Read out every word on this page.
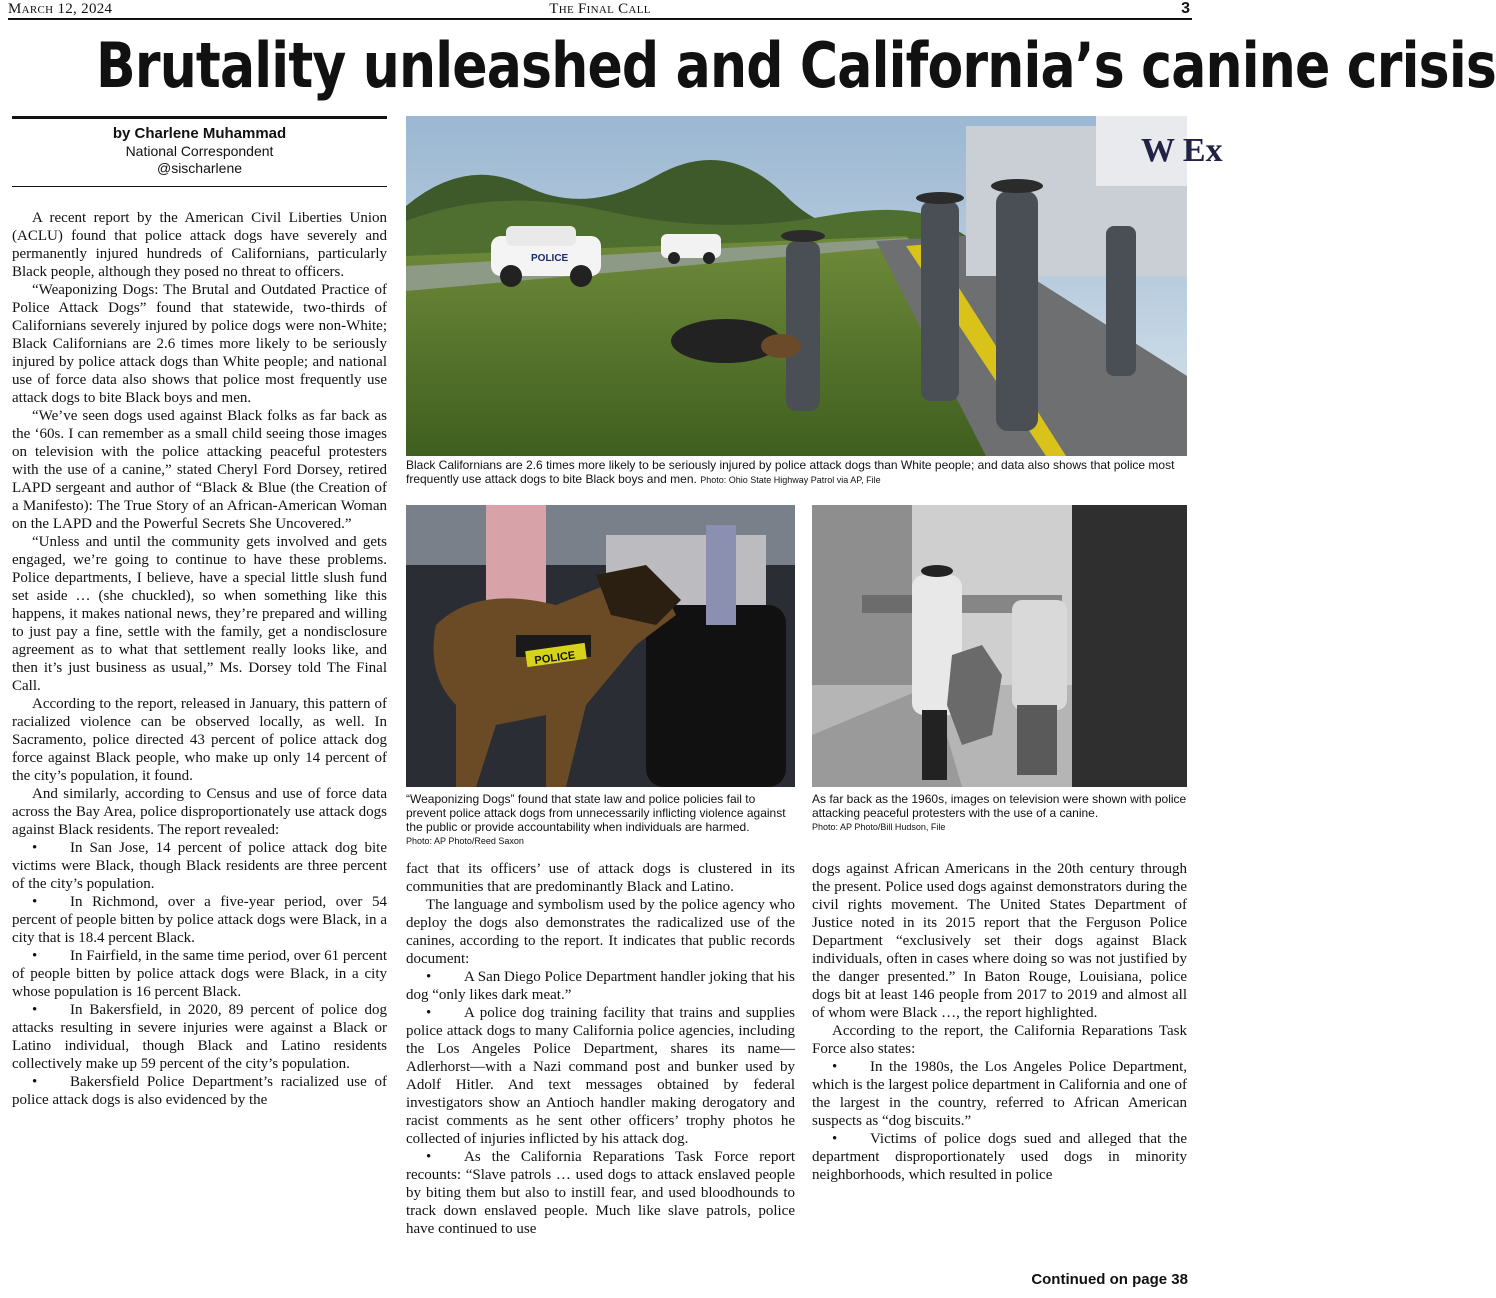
March 12, 2024	The Final Call	3
Brutality unleashed and California’s canine crisis
by Charlene Muhammad
National Correspondent
@sischarlene

A recent report by the American Civil Liberties Union (ACLU) found that police attack dogs have severely and permanently injured hundreds of Californians, particularly Black people, although they posed no threat to officers.

“Weaponizing Dogs: The Brutal and Outdated Practice of Police Attack Dogs” found that statewide, two-thirds of Californians severely injured by police dogs were non-White; Black Californians are 2.6 times more likely to be seriously injured by police attack dogs than White people; and national use of force data also shows that police most frequently use attack dogs to bite Black boys and men.

“We’ve seen dogs used against Black folks as far back as the ‘60s. I can remember as a small child seeing those images on television with the police attacking peaceful protesters with the use of a canine,” stated Cheryl Ford Dorsey, retired LAPD sergeant and author of “Black & Blue (the Creation of a Manifesto): The True Story of an African-American Woman on the LAPD and the Powerful Secrets She Uncovered.”

“Unless and until the community gets involved and gets engaged, we’re going to continue to have these problems. Police departments, I believe, have a special little slush fund set aside … (she chuckled), so when something like this happens, it makes national news, they’re prepared and willing to just pay a fine, settle with the family, get a nondisclosure agreement as to what that settlement really looks like, and then it’s just business as usual,” Ms. Dorsey told The Final Call.

According to the report, released in January, this pattern of racialized violence can be observed locally, as well. In Sacramento, police directed 43 percent of police attack dog force against Black people, who make up only 14 percent of the city’s population, it found.

And similarly, according to Census and use of force data across the Bay Area, police disproportionately use attack dogs against Black residents. The report revealed:

• In San Jose, 14 percent of police attack dog bite victims were Black, though Black residents are three percent of the city’s population.

• In Richmond, over a five-year period, over 54 percent of people bitten by police attack dogs were Black, in a city that is 18.4 percent Black.

• In Fairfield, in the same time period, over 61 percent of people bitten by police attack dogs were Black, in a city whose population is 16 percent Black.

• In Bakersfield, in 2020, 89 percent of police dog attacks resulting in severe injuries were against a Black or Latino individual, though Black and Latino residents collectively make up 59 percent of the city’s population.

• Bakersfield Police Department’s racialized use of police attack dogs is also evidenced by the

W Ex
POLICE
Black Californians are 2.6 times more likely to be seriously injured by police attack dogs than White people; and data also shows that police most frequently use attack dogs to bite Black boys and men. Photo: Ohio State Highway Patrol via AP, File
POLICE
“Weaponizing Dogs” found that state law and police policies fail to prevent police attack dogs from unnecessarily inflicting violence against the public or provide accountability when individuals are harmed.
Photo: AP Photo/Reed Saxon
As far back as the 1960s, images on television were shown with police attacking peaceful protesters with the use of a canine.
Photo: AP Photo/Bill Hudson, File

fact that its officers’ use of attack dogs is clustered in its communities that are predominantly Black and Latino.

The language and symbolism used by the police agency who deploy the dogs also demonstrates the radicalized use of the canines, according to the report. It indicates that public records document:

• A San Diego Police Department handler joking that his dog “only likes dark meat.”

• A police dog training facility that trains and supplies police attack dogs to many California police agencies, including the Los Angeles Police Department, shares its name—Adlerhorst—with a Nazi command post and bunker used by Adolf Hitler. And text messages obtained by federal investigators show an Antioch handler making derogatory and racist comments as he sent other officers’ trophy photos he collected of injuries inflicted by his attack dog.

• As the California Reparations Task Force report recounts: “Slave patrols … used dogs to attack enslaved people by biting them but also to instill fear, and used bloodhounds to track down enslaved people. Much like slave patrols, police have continued to use

dogs against African Americans in the 20th century through the present. Police used dogs against demonstrators during the civil rights movement. The United States Department of Justice noted in its 2015 report that the Ferguson Police Department “exclusively set their dogs against Black individuals, often in cases where doing so was not justified by the danger presented.” In Baton Rouge, Louisiana, police dogs bit at least 146 people from 2017 to 2019 and almost all of whom were Black …, the report highlighted.

According to the report, the California Reparations Task Force also states:

• In the 1980s, the Los Angeles Police Department, which is the largest police department in California and one of the largest in the country, referred to African American suspects as “dog biscuits.”

• Victims of police dogs sued and alleged that the department disproportionately used dogs in minority neighborhoods, which resulted in police

Continued on page 38
